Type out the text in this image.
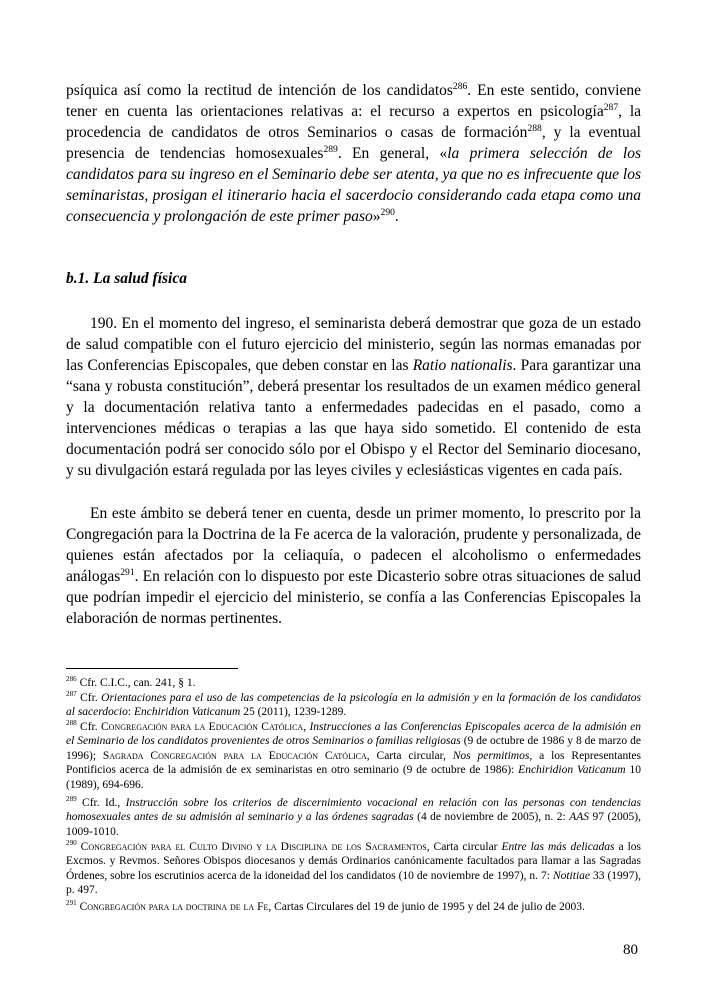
psíquica así como la rectitud de intención de los candidatos$^{286}$. En este sentido, conviene tener en cuenta las orientaciones relativas a: el recurso a expertos en psicología$^{287}$, la procedencia de candidatos de otros Seminarios o casas de formación$^{288}$, y la eventual presencia de tendencias homosexuales$^{289}$. En general, «la primera selección de los candidatos para su ingreso en el Seminario debe ser atenta, ya que no es infrecuente que los seminaristas, prosigan el itinerario hacia el sacerdocio considerando cada etapa como una consecuencia y prolongación de este primer paso»$^{290}$.

b.1. La salud física

190. En el momento del ingreso, el seminarista deberá demostrar que goza de un estado de salud compatible con el futuro ejercicio del ministerio, según las normas emanadas por las Conferencias Episcopales, que deben constar en las Ratio nationalis. Para garantizar una “sana y robusta constitución”, deberá presentar los resultados de un examen médico general y la documentación relativa tanto a enfermedades padecidas en el pasado, como a intervenciones médicas o terapias a las que haya sido sometido. El contenido de esta documentación podrá ser conocido sólo por el Obispo y el Rector del Seminario diocesano, y su divulgación estará regulada por las leyes civiles y eclesiásticas vigentes en cada país.

En este ámbito se deberá tener en cuenta, desde un primer momento, lo prescrito por la Congregación para la Doctrina de la Fe acerca de la valoración, prudente y personalizada, de quienes están afectados por la celiaquía, o padecen el alcoholismo o enfermedades análogas$^{291}$. En relación con lo dispuesto por este Dicasterio sobre otras situaciones de salud que podrían impedir el ejercicio del ministerio, se confía a las Conferencias Episcopales la elaboración de normas pertinentes.

$^{286}$ Cfr. C.I.C., can. 241, § 1.

$^{287}$ Cfr. Orientaciones para el uso de las competencias de la psicología en la admisión y en la formación de los candidatos al sacerdocio: Enchiridion Vaticanum 25 (2011), 1239-1289.

$^{288}$ Cfr. Congregación para la Educación Católica, Instrucciones a las Conferencias Episcopales acerca de la admisión en el Seminario de los candidatos provenientes de otros Seminarios o familias religiosas (9 de octubre de 1986 y 8 de marzo de 1996); Sagrada Congregación para la Educación Católica, Carta circular, Nos permitimos, a los Representantes Pontificios acerca de la admisión de ex seminaristas en otro seminario (9 de octubre de 1986): Enchiridion Vaticanum 10 (1989), 694-696.

$^{289}$ Cfr. Id., Instrucción sobre los criterios de discernimiento vocacional en relación con las personas con tendencias homosexuales antes de su admisión al seminario y a las órdenes sagradas (4 de noviembre de 2005), n. 2: AAS 97 (2005), 1009-1010.

$^{290}$ Congregación para el Culto Divino y la Disciplina de los Sacramentos, Carta circular Entre las más delicadas a los Excmos. y Revmos. Señores Obispos diocesanos y demás Ordinarios canónicamente facultados para llamar a las Sagradas Órdenes, sobre los escrutinios acerca de la idoneidad del los candidatos (10 de noviembre de 1997), n. 7: Notitiae 33 (1997), p. 497.

$^{291}$ Congregación para la doctrina de la Fe, Cartas Circulares del 19 de junio de 1995 y del 24 de julio de 2003.

80
